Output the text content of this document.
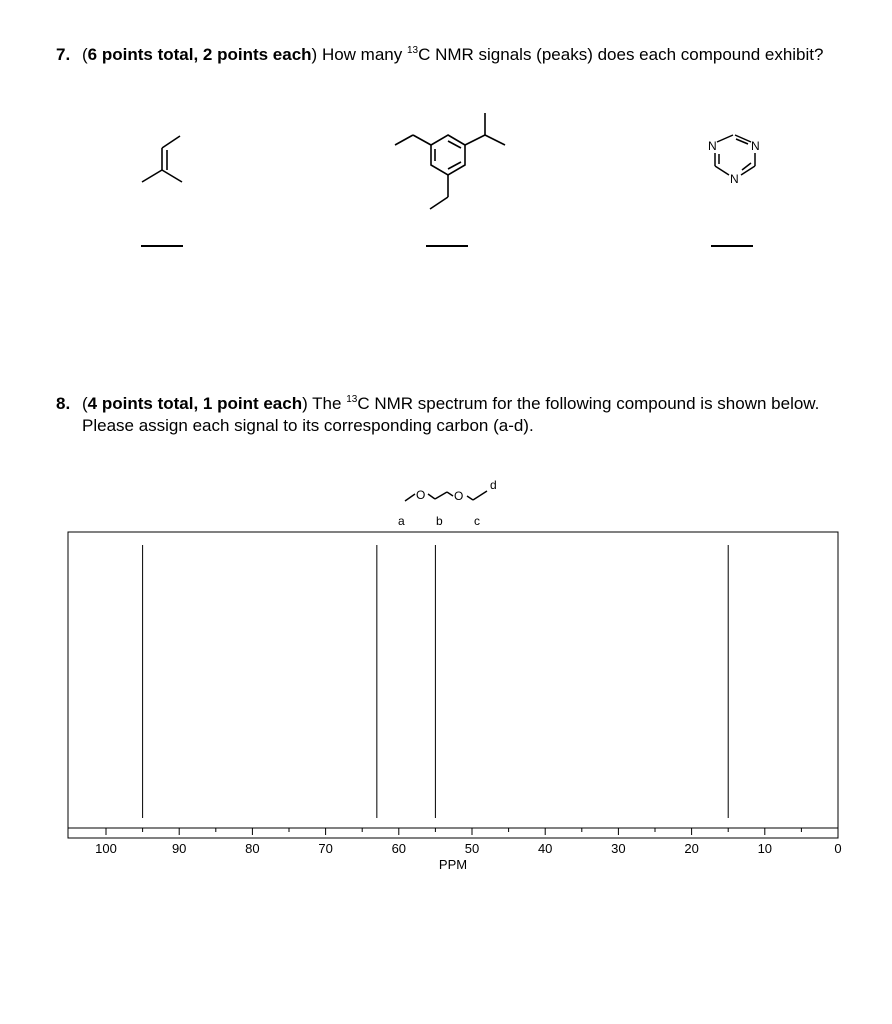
7. (6 points total, 2 points each) How many $^{13}$C NMR signals (peaks) does each compound exhibit?
N	N
N
8. (4 points total, 1 point each) The $^{13}$C NMR spectrum for the following compound is shown below. Please assign each signal to its corresponding carbon (a-d).
O O
d
a	b	c
100	90	80	70	60	50	40	30	20	10	0
PPM
